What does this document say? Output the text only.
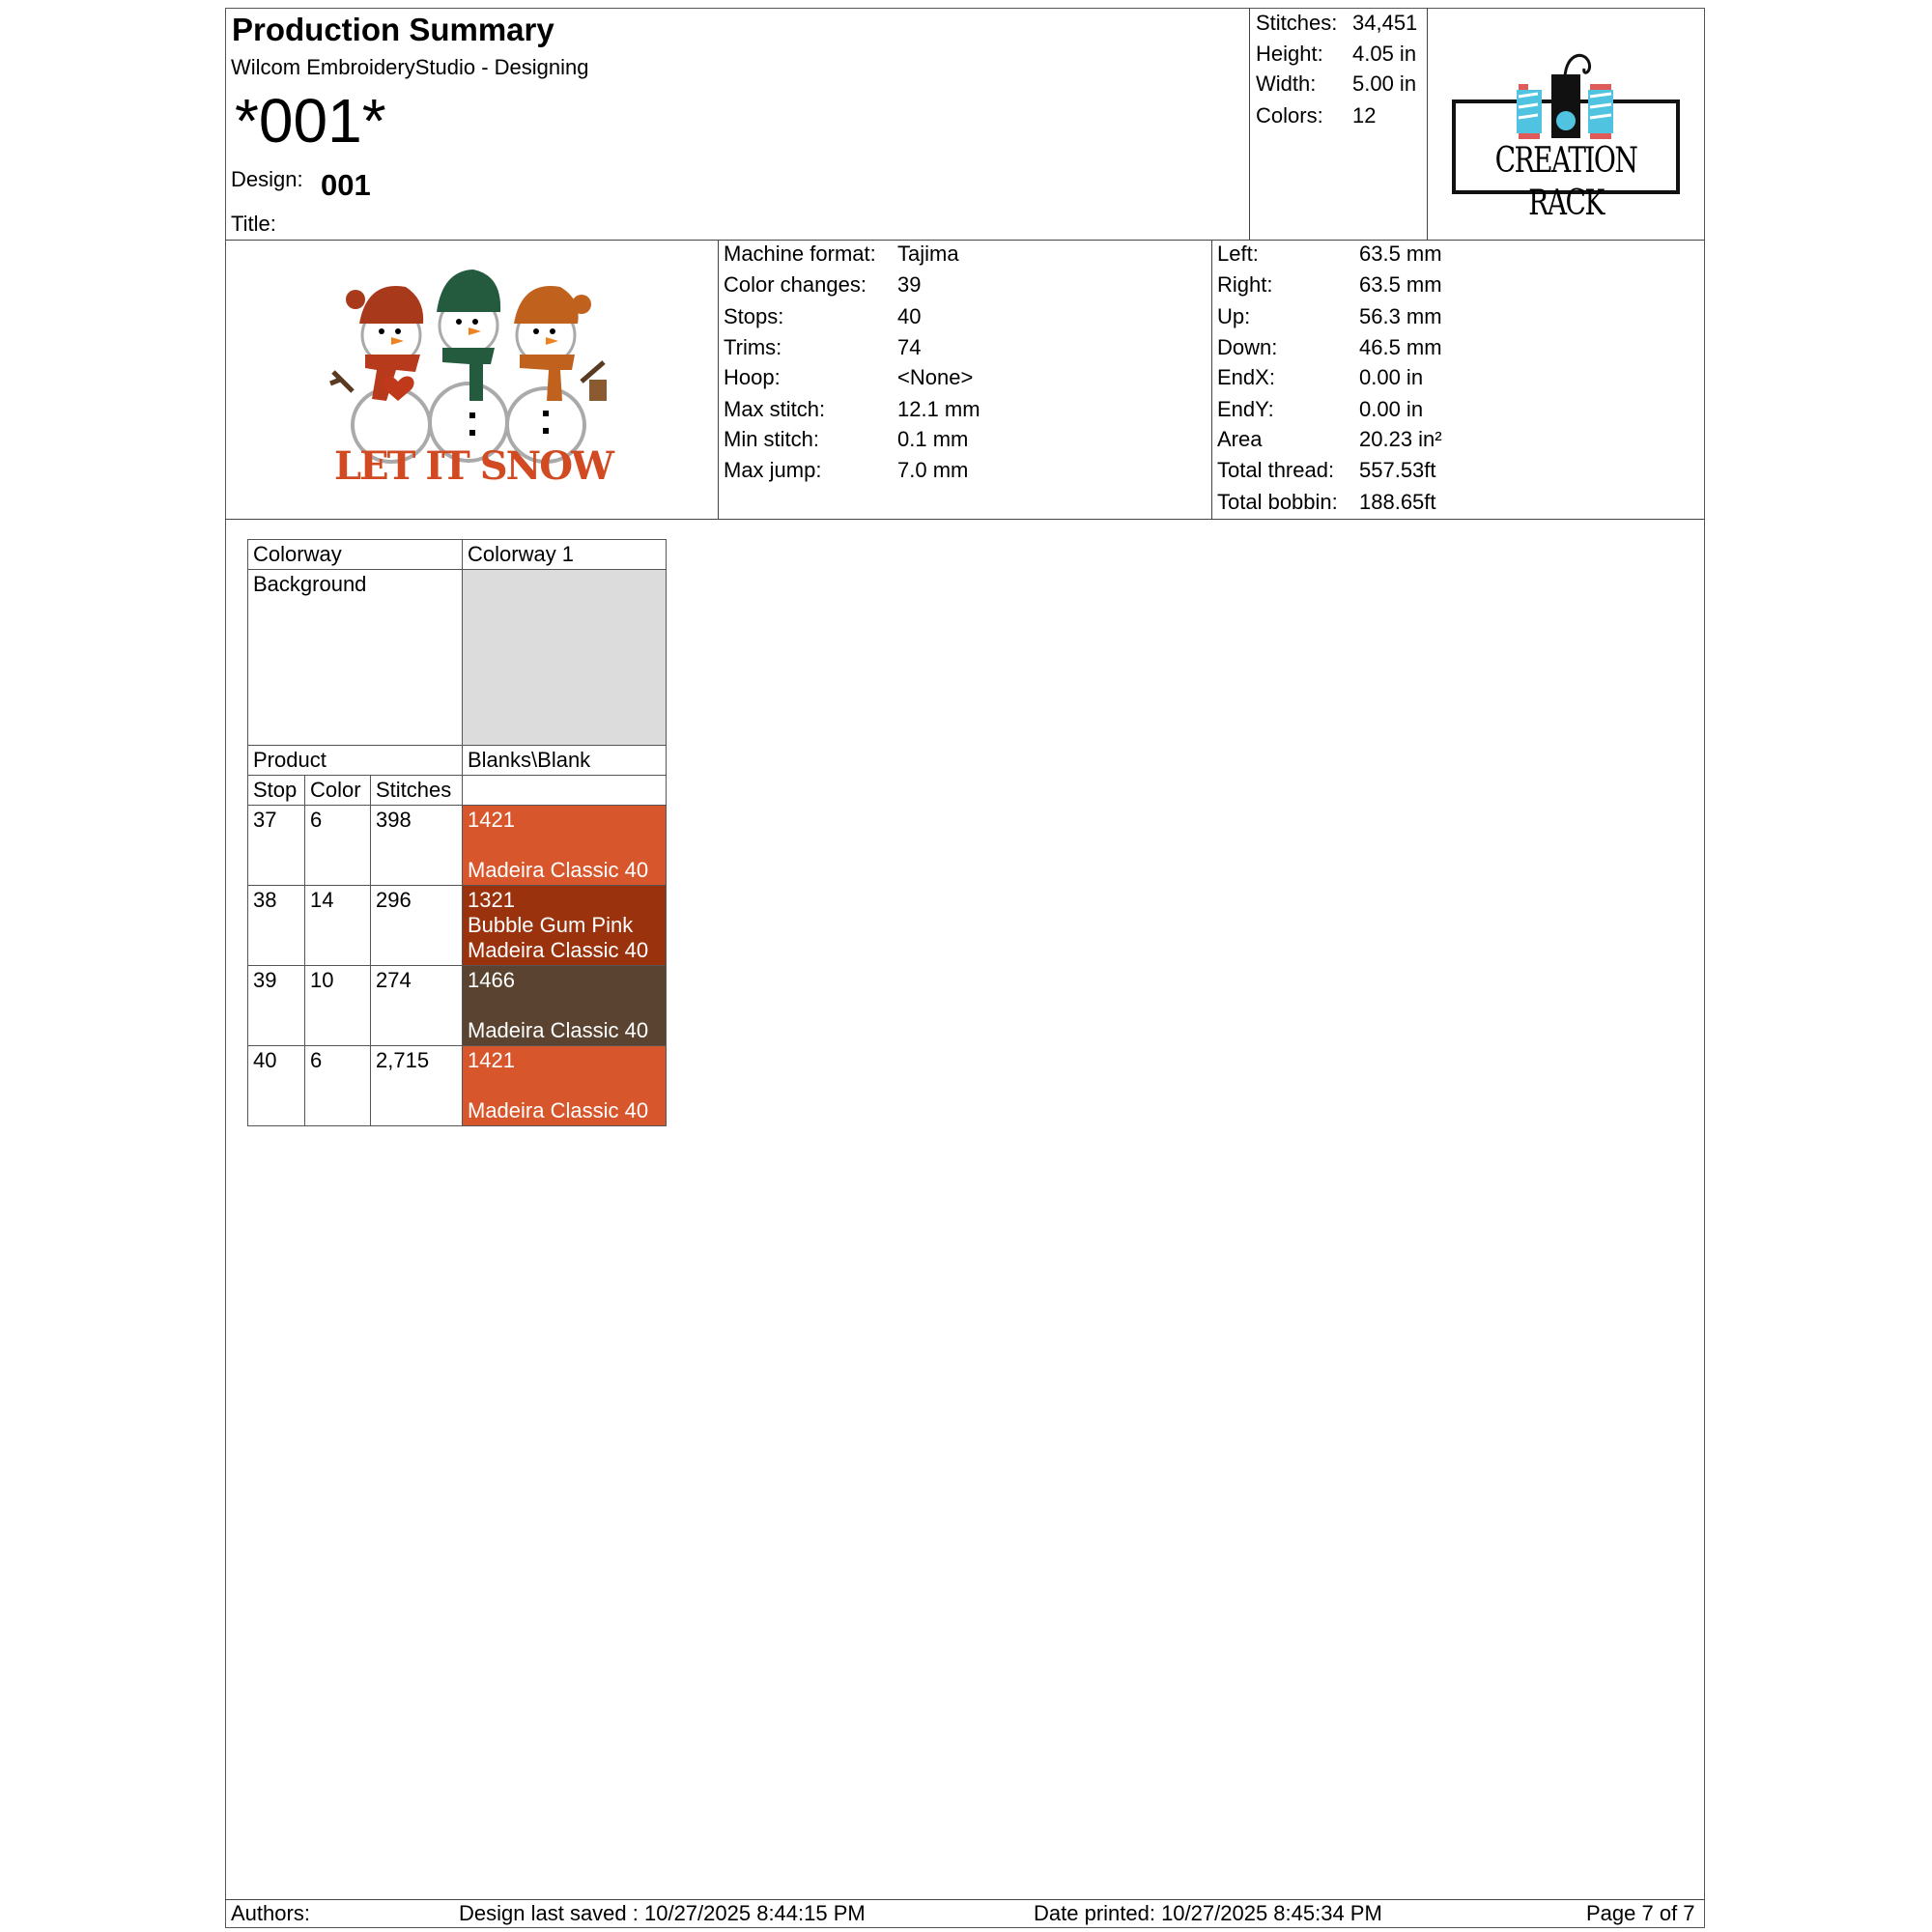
Production Summary
Wilcom EmbroideryStudio - Designing
*001*
Design: 001
Title:
Stitches: 34,451
Height: 4.05 in
Width: 5.00 in
Colors: 12
CREATION RACK
LET IT SNOW
Machine format: Tajima
Color changes: 39
Stops:	40
Trims:	74
Hoop:	<None>
Max stitch:	12.1 mm
Min stitch:	0.1 mm
Max jump:	7.0 mm
Left:	63.5 mm
Right:	63.5 mm
Up:	56.3 mm
Down:	46.5 mm
EndX:	0.00 in
EndY:	0.00 in
Area	20.23 in²
Total thread: 557.53ft
Total bobbin: 188.65ft
Colorway			Colorway 1
Background			
Product			Blanks\Blank
Stop	Color	Stitches	
37	6	398	1421
Madeira Classic 40

38	14	296	1321
Bubble Gum Pink
Madeira Classic 40

39	10	274	1466
Madeira Classic 40

40	6	2,715	1421
Madeira Classic 40
Authors:	Design last saved : 10/27/2025 8:44:15 PM	Date printed: 10/27/2025 8:45:34 PM	Page 7 of 7
